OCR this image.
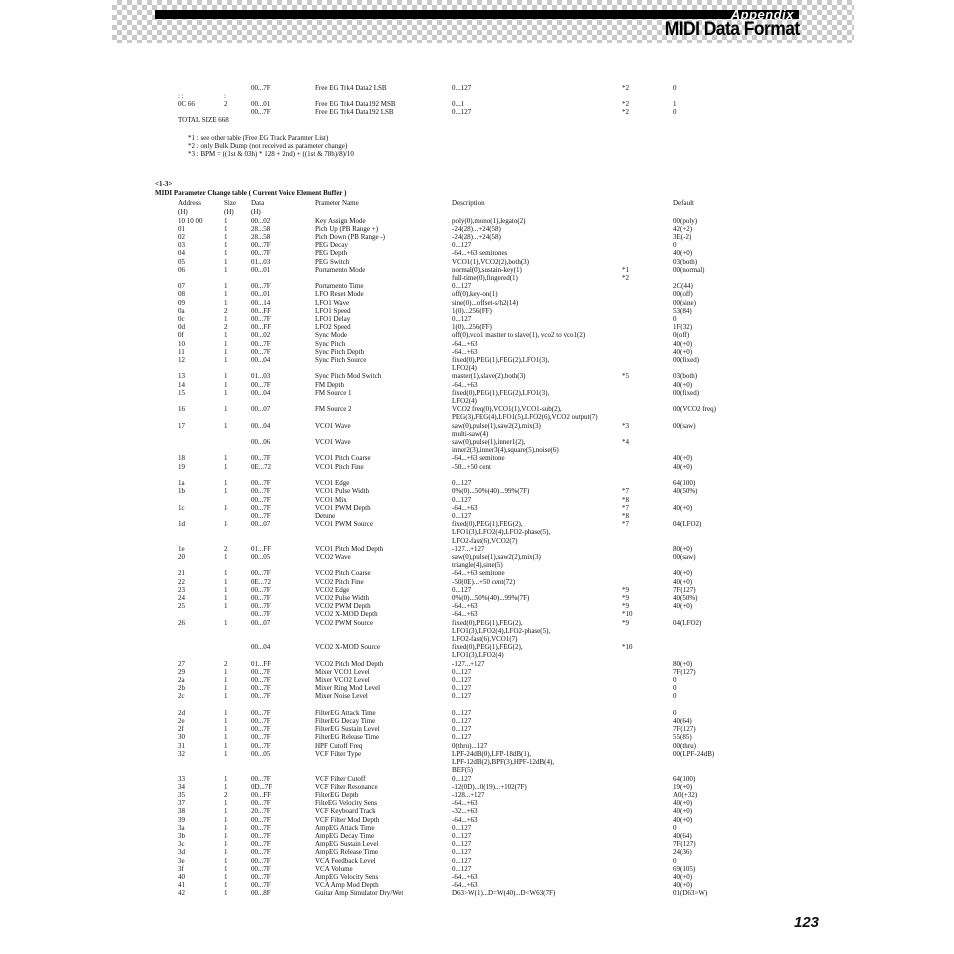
Appendix
MIDI Data Format
00...7F	Free EG Trk4 Data2 LSB	0...127	*2	0
: :	:
0C 66	2	00...01	Free EG Trk4 Data192 MSB	0...1	*2	1
00...7F	Free EG Trk4 Data192 LSB	0...127	*2	0
TOTAL SIZE 668
*1 : see other table (Free EG Track Paramter List)
*2 : only Bulk Dump (not received as parameter change)
*3 : BPM = ((1st & 03h) * 128 + 2nd) + ((1st & 78h)/8)/10
<1-3>
MIDI Parameter Change table ( Current Voice Element Buffer )
Address	Size Data	Prameter Name	Description	Default
(H)	(H) (H)
10 10 00	1	00...02	Key Assign Mode	poly(0),mono(1),legato(2)	00(poly)
01	1	28...58	Pich Up (PB Range +)	-24(28)...+24(58)	42(+2)
02	1	28...58	Pich Down (PB Range -)	-24(28)...+24(58)	3E(-2)
03	1	00...7F	PEG Decay	0...127	0
04	1	00...7F	PEG Depth	-64...+63 semitones	40(+0)
05	1	01...03	PEG Switch	VCO1(1),VCO2(2),both(3)	03(both)
06	1	00...01	Portamento Mode	normal(0),sustain-key(1)	*1	00(normal)
full-time(0),fingered(1)	*2
07	1	00...7F	Portamento Time	0...127	2C(44)
08	1	00...01	LFO Reset Mode	off(0),key-on(1)	00(off)
09	1	00...14	LFO1 Wave	sine(0)...offset-s/h2(14)	00(sine)
0a	2	00...FF	LFO1 Speed	1(0)...256(FF)	53(84)
0c	1	00...7F	LFO1 Delay	0...127	0
0d	2	00...FF	LFO2 Speed	1(0)...256(FF)	1F(32)
0f	1	00...02	Sync Mode	off(0),vco1 mastter to slave(1), vco2 to vco1(2)	0(off)
10	1	00...7F	Sync Pitch	-64...+63	40(+0)
11	1	00...7F	Sync Pitch Depth	-64...+63	40(+0)
12	1	00...04	Sync Pitch Source	fixed(0),PEG(1),FEG(2),LFO1(3),	00(fixed)
LFO2(4)
13	1	01...03	Sync Pitch Mod Switch	master(1),slave(2),both(3)	*5	03(both)
14	1	00...7F	FM Depth	-64...+63	40(+0)
15	1	00...04	FM Source 1	fixed(0),PEG(1),FEG(2),LFO1(3),	00(fixed)
LFO2(4)
16	1	00...07	FM Source 2	VCO2 freq(0),VCO1(1),VCO1-sub(2),	00(VCO2 freq)
PEG(3),FEG(4),LFO1(5),LFO2(6),VCO2 output(7)
17	1	00...04	VCO1 Wave	saw(0),pulse(1),saw2(2),mix(3)	*3	00(saw)
multi-saw(4)
00...06	VCO1 Wave	saw(0),pulse(1),inner1(2),	*4
inner2(3),inner3(4),square(5),noise(6)
18	1	00...7F	VCO1 Pitch Coarse	-64...+63 semitone	40(+0)
19	1	0E...72	VCO1 Pitch Fine	-50...+50 cent	40(+0)
1a	1	00...7F	VCO1 Edge	0...127	64(100)
1b	1	00...7F	VCO1 Pulse Width	0%(0)...50%(40)...99%(7F)	*7	40(50%)
00...7F	VCO1 Mix	0...127	*8
1c	1	00...7F	VCO1 PWM Depth	-64...+63	*7	40(+0)
00...7F	Detune	0...127	*8
1d	1	00...07	VCO1 PWM Source	fixed(0),PEG(1),FEG(2),	*7	04(LFO2)
LFO1(3),LFO2(4),LFO2-phase(5),
LFO2-fast(6),VCO2(7)
1e	2	01...FF	VCO1 Pitch Mod Depth	-127...+127	80(+0)
20	1	00...05	VCO2 Wave	saw(0),pulse(1),saw2(2),mix(3)	00(saw)
triangle(4),sine(5)
21	1	00...7F	VCO2 Pitch Coarse	-64...+63 semitone	40(+0)
22	1	0E...72	VCO2 Pitch Fine	-50(0E)...+50 cent(72)	40(+0)
23	1	00...7F	VCO2 Edge	0...127	*9	7F(127)
24	1	00...7F	VCO2 Pulse Width	0%(0)...50%(40)...99%(7F)	*9	40(50%)
25	1	00...7F	VCO2 PWM Depth	-64...+63	*9	40(+0)
00...7F	VCO2 X-MOD Depth	-64...+63	*10
26	1	00...07	VCO2 PWM Source	fixed(0),PEG(1),FEG(2),	*9	04(LFO2)
LFO1(3),LFO2(4),LFO2-phase(5),
LFO2-fast(6),VCO1(7)
00...04	VCO2 X-MOD Source	fixed(0),PEG(1),FEG(2),	*10
LFO1(3),LFO2(4)
27	2	01...FF	VCO2 Pitch Mod Depth	-127...+127	80(+0)
29	1	00...7F	Mixer VCO1 Level	0...127	7F(127)
2a	1	00...7F	Mixer VCO2 Level	0...127	0
2b	1	00...7F	Mixer Ring Mod Level	0...127	0
2c	1	00...7F	Mixer Noise Level	0...127	0
2d	1	00...7F	FilterEG Attack Time	0...127	0
2e	1	00...7F	FilterEG Decay Time	0...127	40(64)
2f	1	00...7F	FilterEG Sustain Level	0...127	7F(127)
30	1	00...7F	FilterEG Release Time	0...127	55(85)
31	1	00...7F	HPF Cutoff Freq	0(thru)...127	00(thru)
32	1	00...05	VCF Filter Type	LPF-24dB(0),LFP-18dB(1),	00(LPF-24dB)
LPF-12dB(2),BPF(3),HPF-12dB(4),
BEF(5)
33	1	00...7F	VCF Filter Cutoff	0...127	64(100)
34	1	0D...7F	VCF Filter Resonance	-12(0D)...0(19)...+102(7F)	19(+0)
35	2	00...FF	FilterEG Depth	-128...+127	A0(+32)
37	1	00...7F	FilteEG Velocity Sens	-64...+63	40(+0)
38	1	20...7F	VCF Keyboard Track	-32...+63	40(+0)
39	1	00...7F	VCF Filter Mod Depth	-64...+63	40(+0)
3a	1	00...7F	AmpEG Attack Time	0...127	0
3b	1	00...7F	AmpEG Decay Time	0...127	40(64)
3c	1	00...7F	AmpEG Sustain Level	0...127	7F(127)
3d	1	00...7F	AmpEG Release Time	0...127	24(36)
3e	1	00...7F	VCA Feedback Level	0...127	0
3f	1	00...7F	VCA Volume	0...127	69(105)
40	1	00...7F	AmpEG Velocity Sens	-64...+63	40(+0)
41	1	00...7F	VCA Amp Mod Depth	-64...+63	40(+0)
42	1	00...8F	Guitar Amp Simulator Dry/Wet	D63>W(1)...D=W(40)...D<W63(7F)	01(D63>W)
123
